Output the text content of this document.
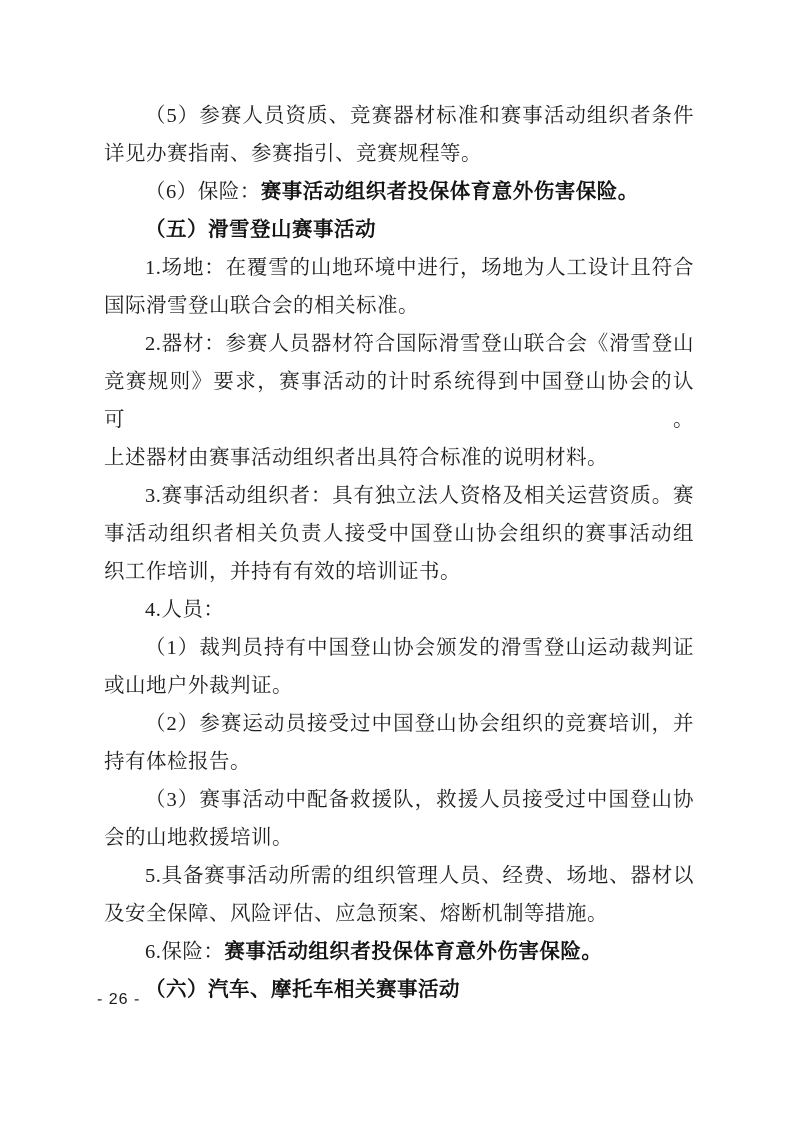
（5）参赛人员资质、竞赛器材标准和赛事活动组织者条件
详见办赛指南、参赛指引、竞赛规程等。
（6）保险：赛事活动组织者投保体育意外伤害保险。
（五）滑雪登山赛事活动
1.场地：在覆雪的山地环境中进行，场地为人工设计且符合
国际滑雪登山联合会的相关标准。
2.器材：参赛人员器材符合国际滑雪登山联合会《滑雪登山
竞赛规则》要求，赛事活动的计时系统得到中国登山协会的认可。
上述器材由赛事活动组织者出具符合标准的说明材料。
3.赛事活动组织者：具有独立法人资格及相关运营资质。赛
事活动组织者相关负责人接受中国登山协会组织的赛事活动组
织工作培训，并持有有效的培训证书。
4.人员：
（1）裁判员持有中国登山协会颁发的滑雪登山运动裁判证
或山地户外裁判证。
（2）参赛运动员接受过中国登山协会组织的竞赛培训，并
持有体检报告。
（3）赛事活动中配备救援队，救援人员接受过中国登山协
会的山地救援培训。
5.具备赛事活动所需的组织管理人员、经费、场地、器材以
及安全保障、风险评估、应急预案、熔断机制等措施。
6.保险：赛事活动组织者投保体育意外伤害保险。
（六）汽车、摩托车相关赛事活动
- 26 -
